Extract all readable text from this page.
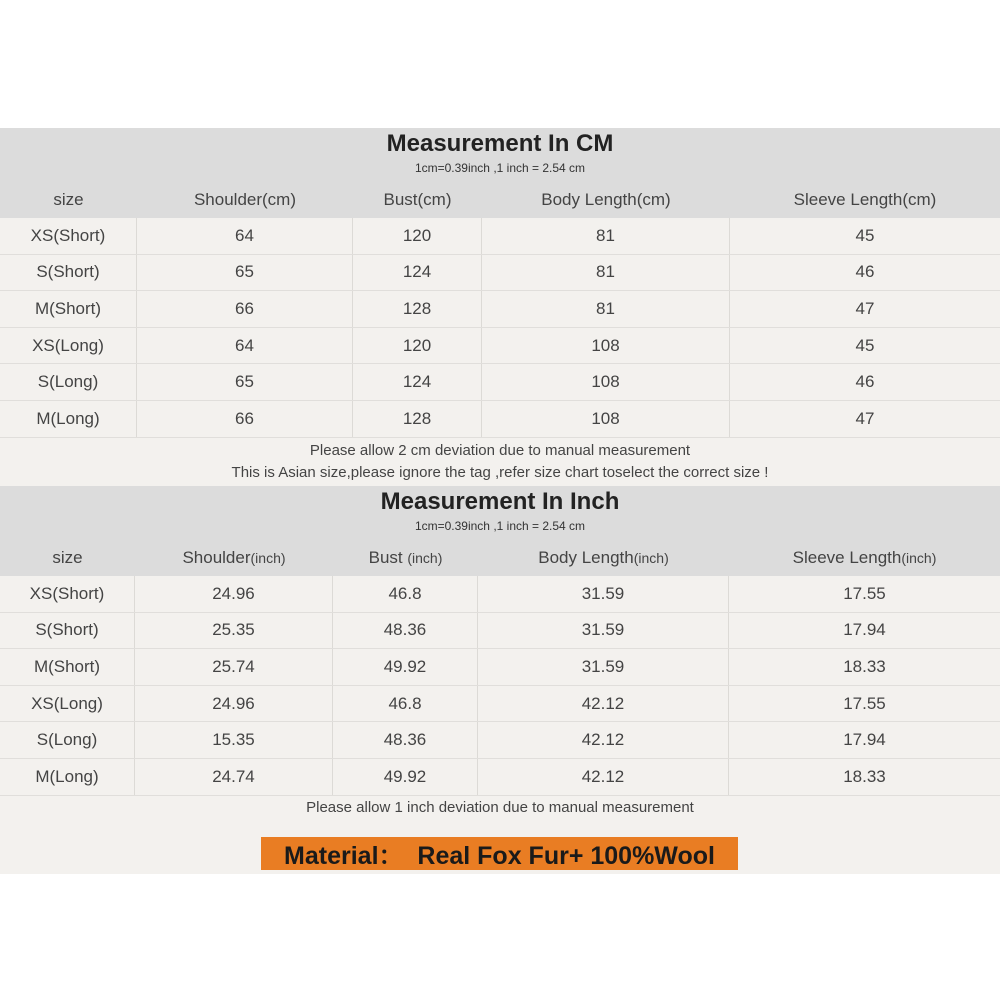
Measurement In CM
1cm=0.39inch ,1 inch = 2.54 cm
size	Shoulder(cm)	Bust(cm)	Body Length(cm)	Sleeve Length(cm)
XS(Short)	64	120	81	45
S(Short)	65	124	81	46
M(Short)	66	128	81	47
XS(Long)	64	120	108	45
S(Long)	65	124	108	46
M(Long)	66	128	108	47
Please allow 2 cm deviation due to manual measurement
This is Asian size,please ignore the tag ,refer size chart toselect the correct size !
Measurement In Inch
1cm=0.39inch ,1 inch = 2.54 cm
size	Shoulder(inch)	Bust (inch)	Body Length(inch)	Sleeve Length(inch)
XS(Short)	24.96	46.8	31.59	17.55
S(Short)	25.35	48.36	31.59	17.94
M(Short)	25.74	49.92	31.59	18.33
XS(Long)	24.96	46.8	42.12	17.55
S(Long)	15.35	48.36	42.12	17.94
M(Long)	24.74	49.92	42.12	18.33
Please allow 1 inch deviation due to manual measurement
Material：  Real Fox Fur+ 100%Wool
